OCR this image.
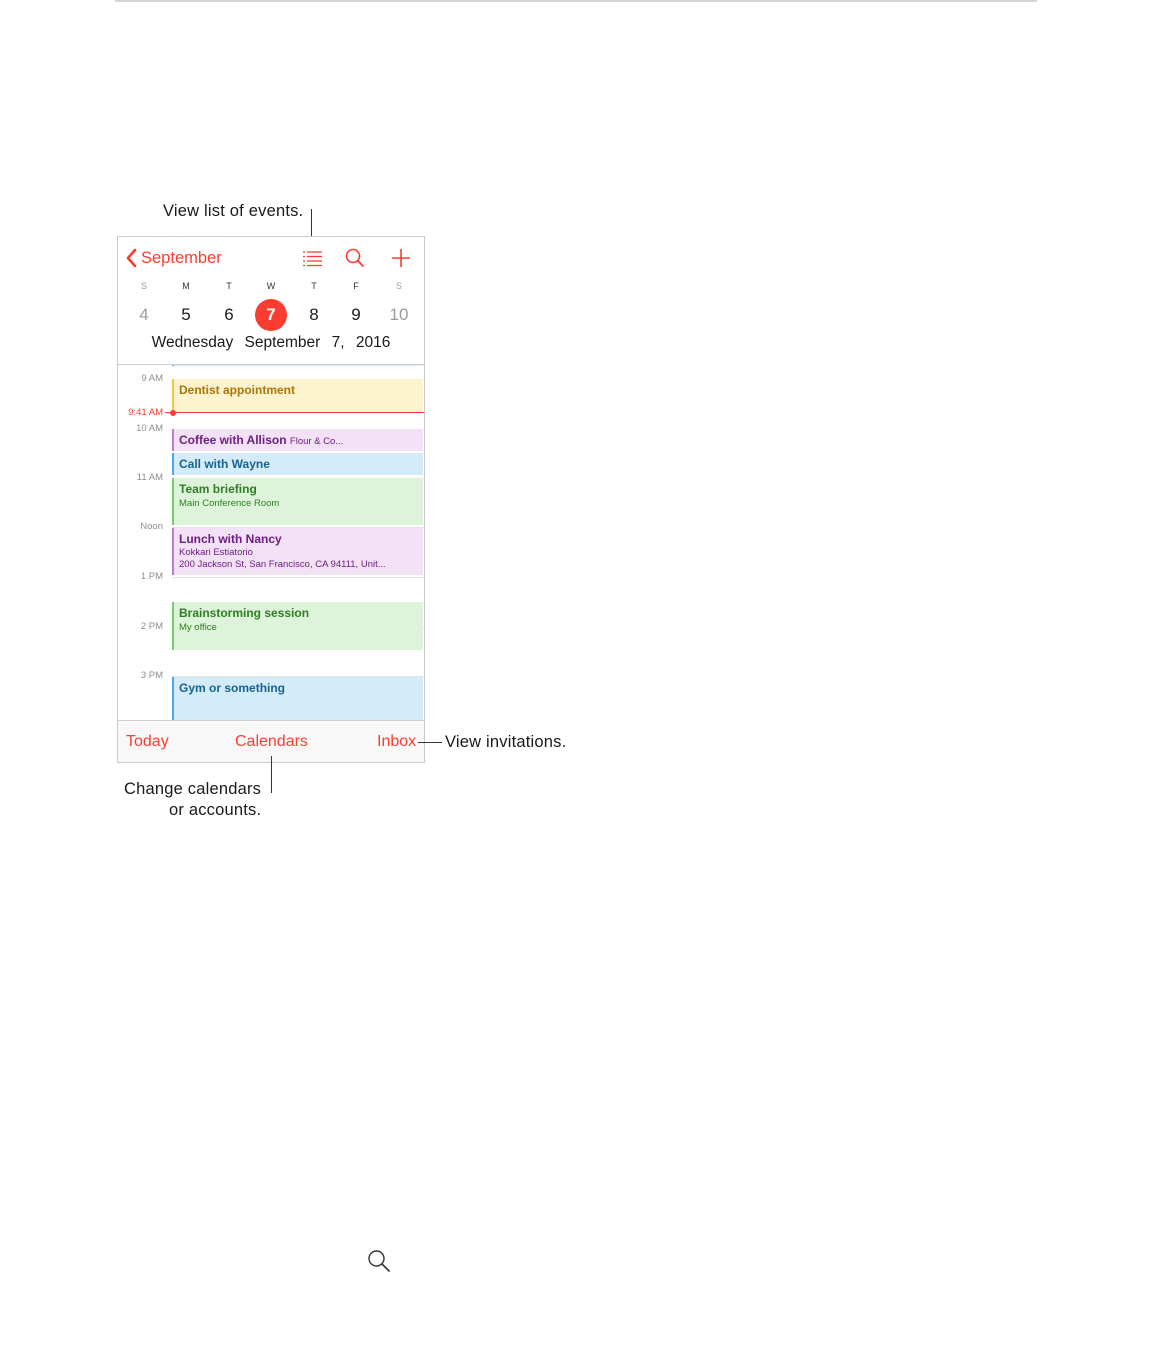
View list of events.
September
S	M	T	W	T	F	S
4	5	6	7	8	9	10
Wednesday September 7, 2016
9 AM
10 AM
11 AM
Noon
1 PM
2 PM
3 PM
Dentist appointment
Coffee with Allison Flour & Co...
Call with Wayne
Team briefing
Main Conference Room
Lunch with Nancy
Kokkari Estiatorio
200 Jackson St, San Francisco, CA 94111, Unit...
Brainstorming session
My office
Gym or something
9:41 AM
Today	Calendars	Inbox View invitations.
Change calendars
or accounts.
